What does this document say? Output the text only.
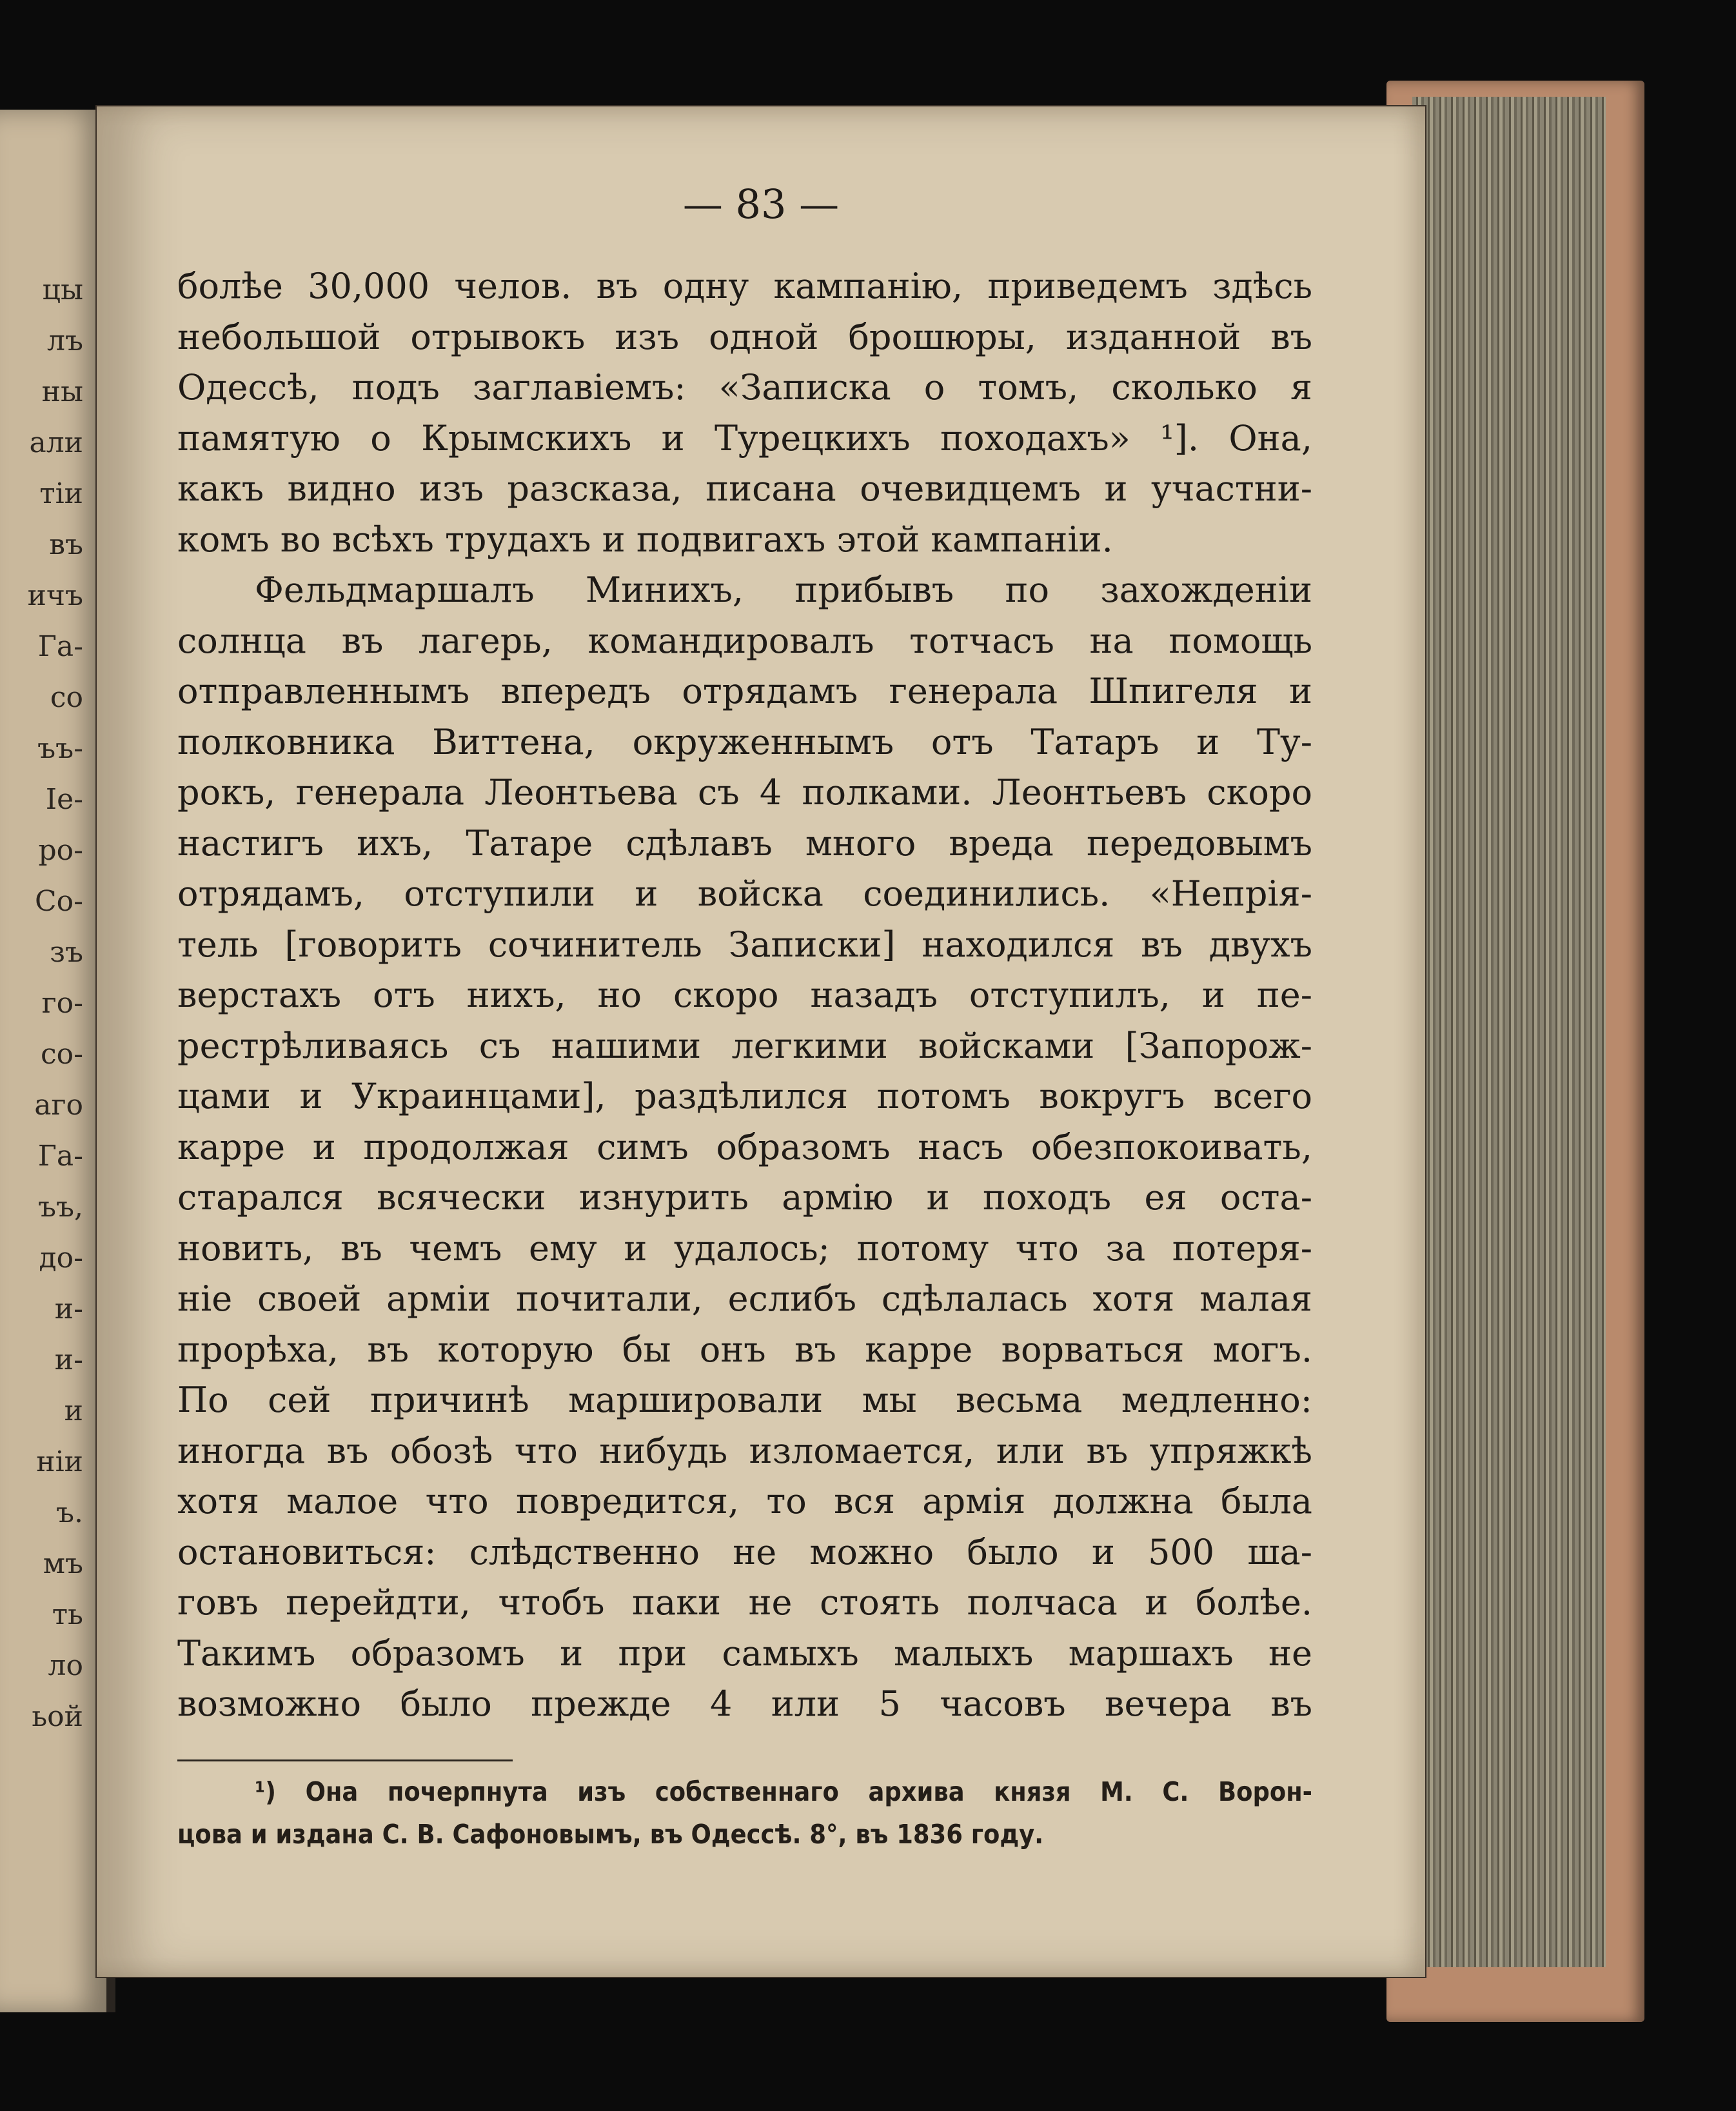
цы
лъ
ны
али
тіи
въ
ичъ
Га-
со
ъъ-
Іе-
ро-
Со-
зъ
го-
со-
аго
Га-
ъъ,
до-
и-
и-
и
ніи
ъ.
мъ
ть
ло
ьой
— 83 —
болѣе 30,000 челов. въ одну кампанію, приведемъ здѣсь
небольшой отрывокъ изъ одной брошюры, изданной въ
Одессѣ, подъ заглавіемъ: «Записка о томъ, сколько я
памятую о Крымскихъ и Турецкихъ походахъ» ¹]. Она,
какъ видно изъ разсказа, писана очевидцемъ и участни-
комъ во всѣхъ трудахъ и подвигахъ этой кампаніи.
Фельдмаршалъ Минихъ, прибывъ по захожденіи
солнца въ лагерь, командировалъ тотчасъ на помощь
отправленнымъ впередъ отрядамъ генерала Шпигеля и
полковника Виттена, окруженнымъ отъ Татаръ и Ту-
рокъ, генерала Леонтьева съ 4 полками. Леонтьевъ скоро
настигъ ихъ, Татаре сдѣлавъ много вреда передовымъ
отрядамъ, отступили и войска соединились. «Непрія-
тель [говорить сочинитель Записки] находился въ двухъ
верстахъ отъ нихъ, но скоро назадъ отступилъ, и пе-
рестрѣливаясь съ нашими легкими войсками [Запорож-
цами и Украинцами], раздѣлился потомъ вокругъ всего
карре и продолжая симъ образомъ насъ обезпокоивать,
старался всячески изнурить армію и походъ ея оста-
новить, въ чемъ ему и удалось; потому что за потеря-
ніе своей арміи почитали, еслибъ сдѣлалась хотя малая
прорѣха, въ которую бы онъ въ карре ворваться могъ.
По сей причинѣ маршировали мы весьма медленно:
иногда въ обозѣ что нибудь изломается, или въ упряжкѣ
хотя малое что повредится, то вся армія должна была
остановиться: слѣдственно не можно было и 500 ша-
говъ перейдти, чтобъ паки не стоять полчаса и болѣе.
Такимъ образомъ и при самыхъ малыхъ маршахъ не
возможно было прежде 4 или 5 часовъ вечера въ
¹) Она почерпнута изъ собственнаго архива князя М. С. Ворон-
цова и издана С. В. Сафоновымъ, въ Одессѣ. 8°, въ 1836 году.
